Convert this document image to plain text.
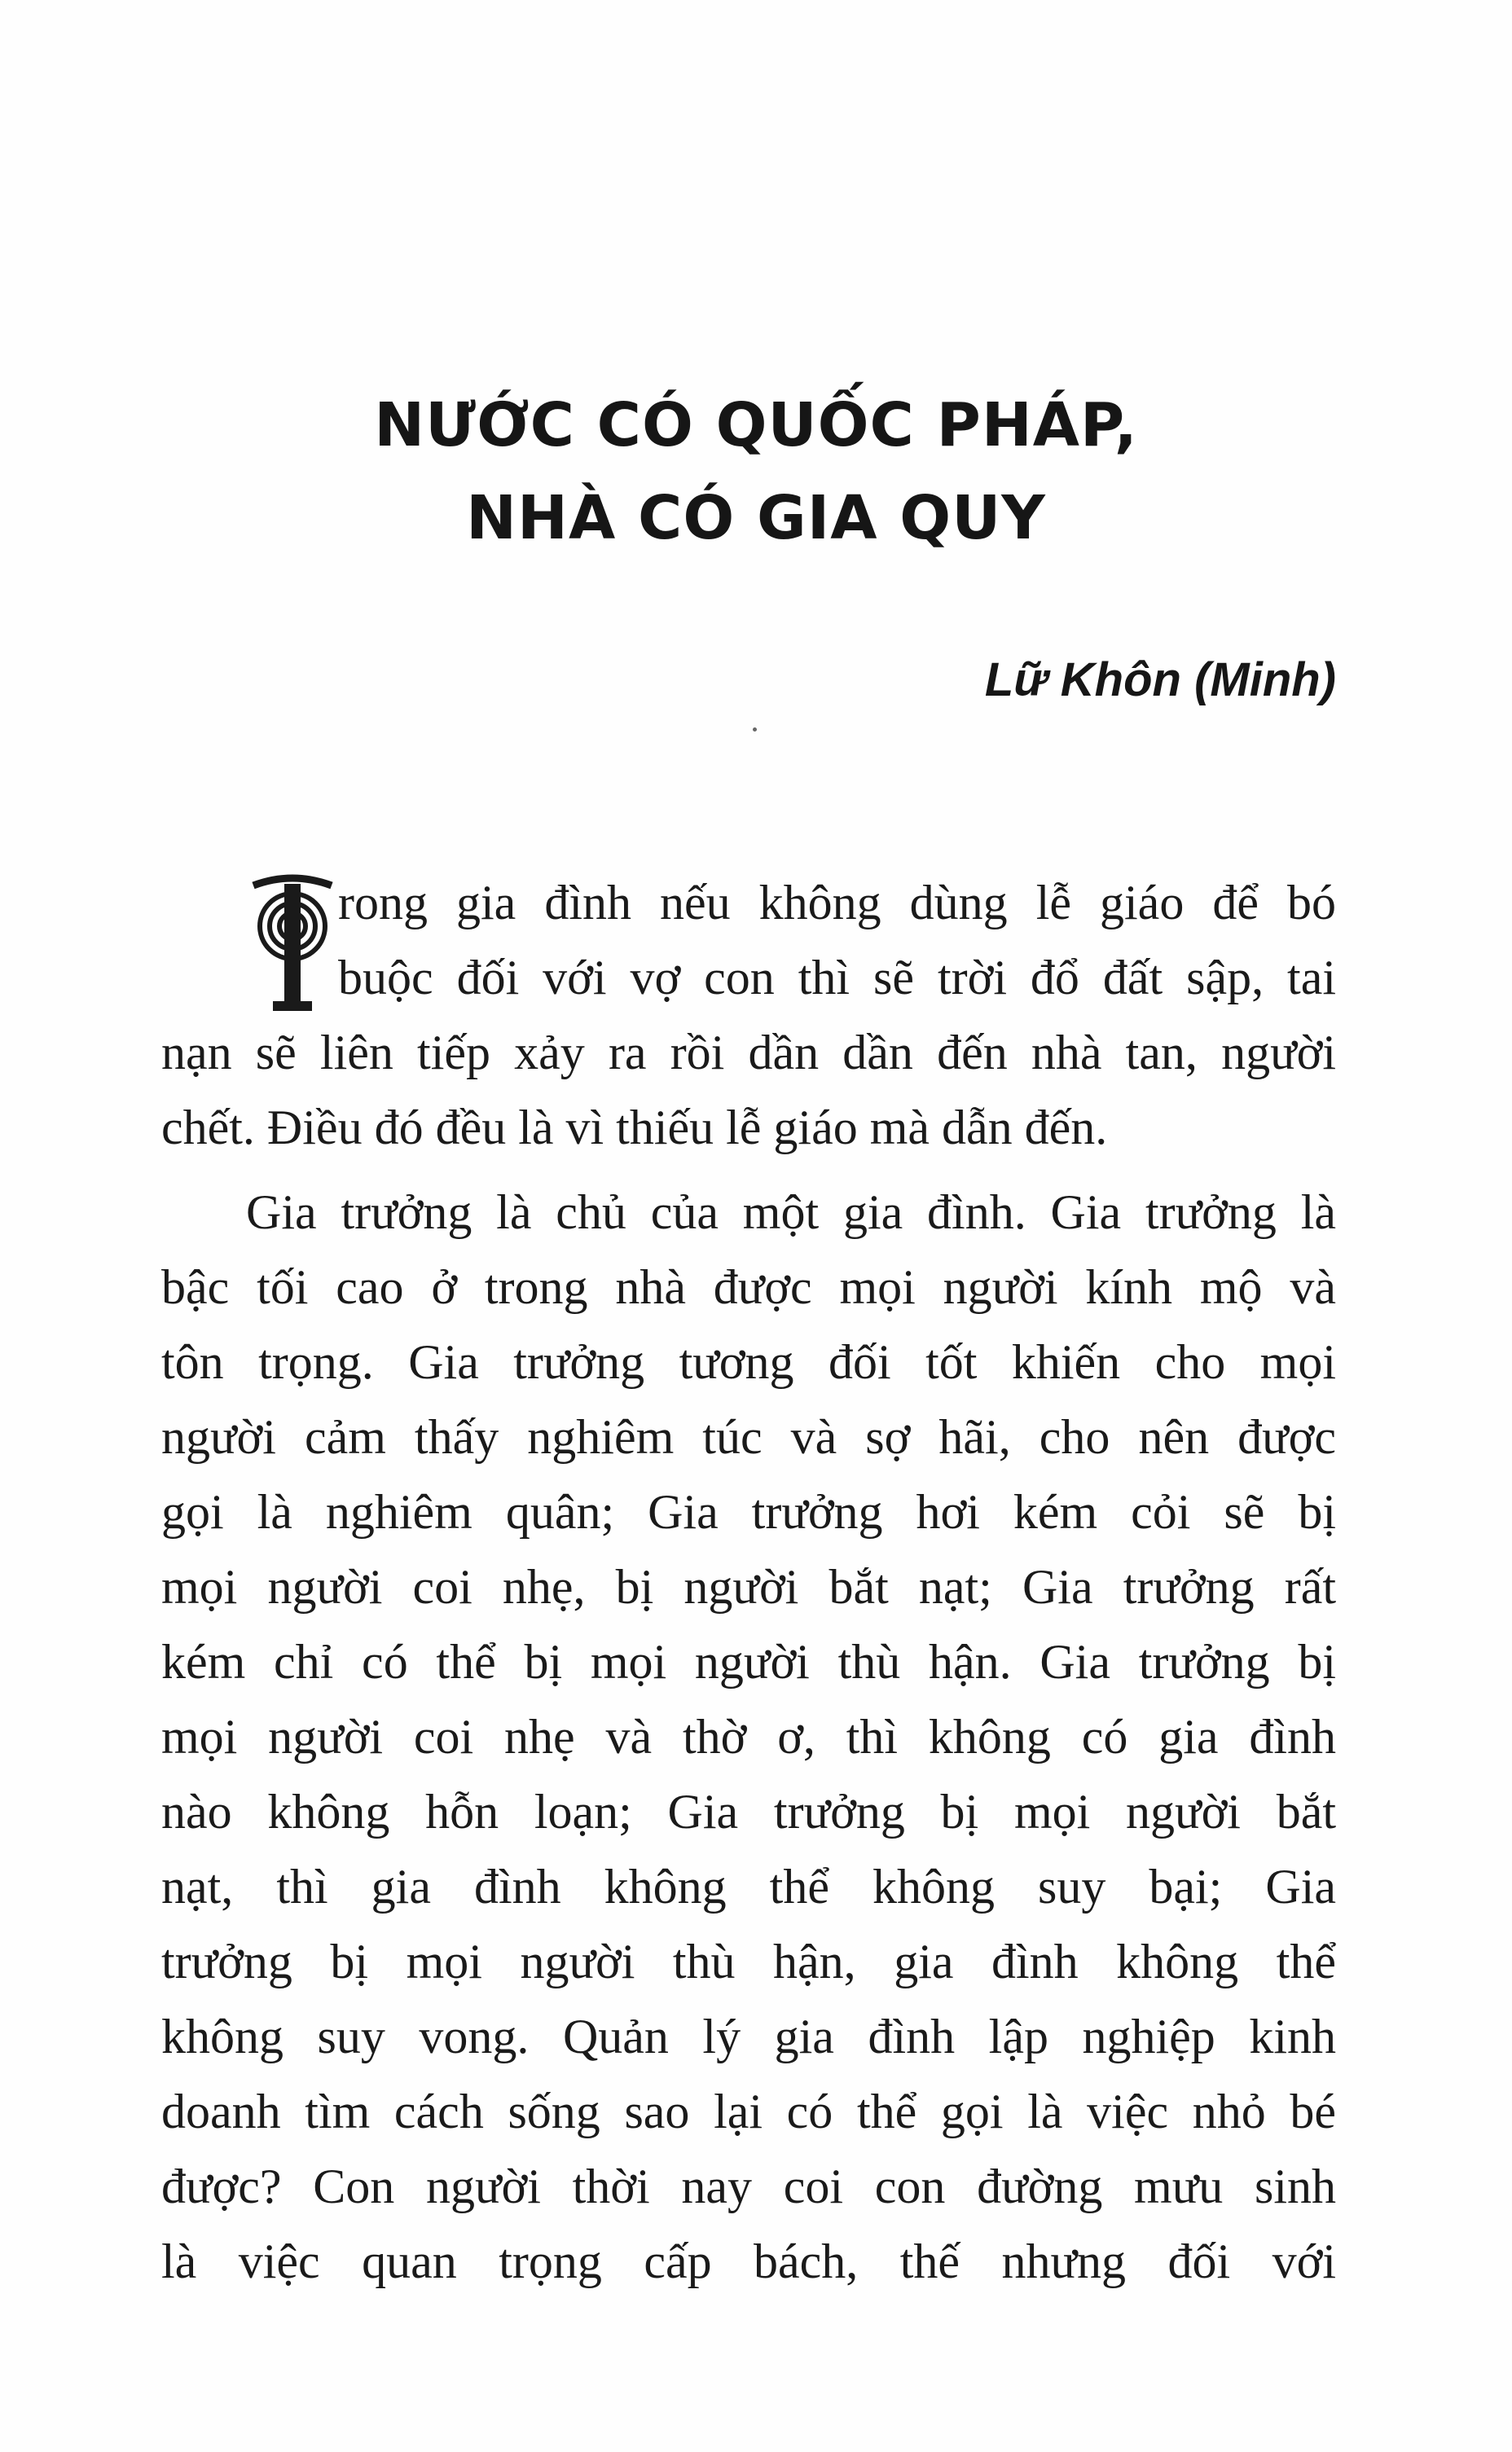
NƯỚC CÓ QUỐC PHÁP,
NHÀ CÓ GIA QUY
Lữ Khôn (Minh)
rong gia đình nếu không dùng lễ giáo để bó
buộc đối với vợ con thì sẽ trời đổ đất sập, tai
nạn sẽ liên tiếp xảy ra rồi dần dần đến nhà tan, người
chết. Điều đó đều là vì thiếu lễ giáo mà dẫn đến.
Gia trưởng là chủ của một gia đình. Gia trưởng là
bậc tối cao ở trong nhà được mọi người kính mộ và
tôn trọng. Gia trưởng tương đối tốt khiến cho mọi
người cảm thấy nghiêm túc và sợ hãi, cho nên được
gọi là nghiêm quân; Gia trưởng hơi kém cỏi sẽ bị
mọi người coi nhẹ, bị người bắt nạt; Gia trưởng rất
kém chỉ có thể bị mọi người thù hận. Gia trưởng bị
mọi người coi nhẹ và thờ ơ, thì không có gia đình
nào không hỗn loạn; Gia trưởng bị mọi người bắt
nạt, thì gia đình không thể không suy bại; Gia
trưởng bị mọi người thù hận, gia đình không thể
không suy vong. Quản lý gia đình lập nghiệp kinh
doanh tìm cách sống sao lại có thể gọi là việc nhỏ bé
được? Con người thời nay coi con đường mưu sinh
là việc quan trọng cấp bách, thế nhưng đối với
